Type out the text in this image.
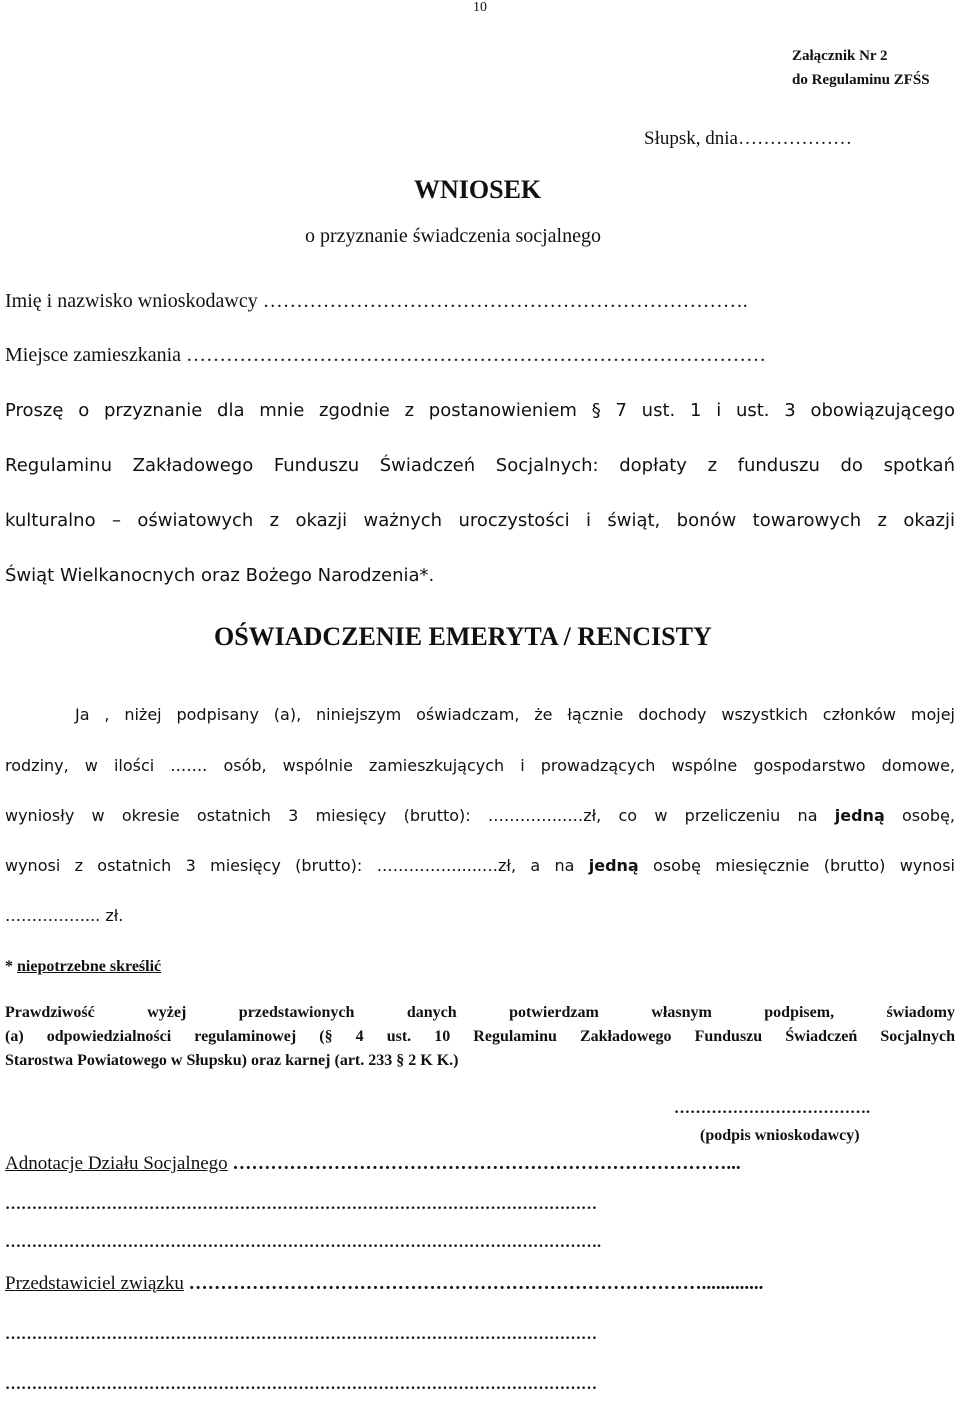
10
Załącznik Nr 2
do Regulaminu ZFŚS
Słupsk, dnia………………
WNIOSEK
o przyznanie świadczenia socjalnego
Imię i nazwisko wnioskodawcy ……………………………………………………………….
Miejsce zamieszkania ……………………………………………………………………………
Proszę o przyznanie dla mnie zgodnie z postanowieniem § 7 ust. 1 i ust. 3 obowiązującego
Regulaminu Zakładowego Funduszu Świadczeń Socjalnych: dopłaty z funduszu do spotkań
kulturalno – oświatowych z okazji ważnych uroczystości i świąt, bonów towarowych z okazji
Świąt Wielkanocnych oraz Bożego Narodzenia*.
OŚWIADCZENIE EMERYTA / RENCISTY
Ja , niżej podpisany (a), niniejszym oświadczam, że łącznie dochody wszystkich członków mojej
rodziny, w ilości ……. osób, wspólnie zamieszkujących i prowadzących wspólne gospodarstwo domowe,
wyniosły w okresie ostatnich 3 miesięcy (brutto): …………...…zł, co w przeliczeniu na jedną osobę,
wynosi z ostatnich 3 miesięcy (brutto): …………….....…zł, a na jedną osobę miesięcznie (brutto) wynosi
……………... zł.
* niepotrzebne skreślić
Prawdziwość wyżej przedstawionych danych potwierdzam własnym podpisem, świadomy
(a) odpowiedzialności regulaminowej (§ 4 ust. 10 Regulaminu Zakładowego Funduszu Świadczeń Socjalnych
Starostwa Powiatowego w Słupsku) oraz karnej (art. 233 § 2 K K.)
……………………………….
(podpis wnioskodawcy)
Adnotacje Działu Socjalnego ……………………………………………………………………...
…………………………………………………………………………………………………
………………………………………………………………………………………………….
Przedstawiciel związku ……………………………………………………………………….............
…………………………………………………………………………………………………
…………………………………………………………………………………………………
